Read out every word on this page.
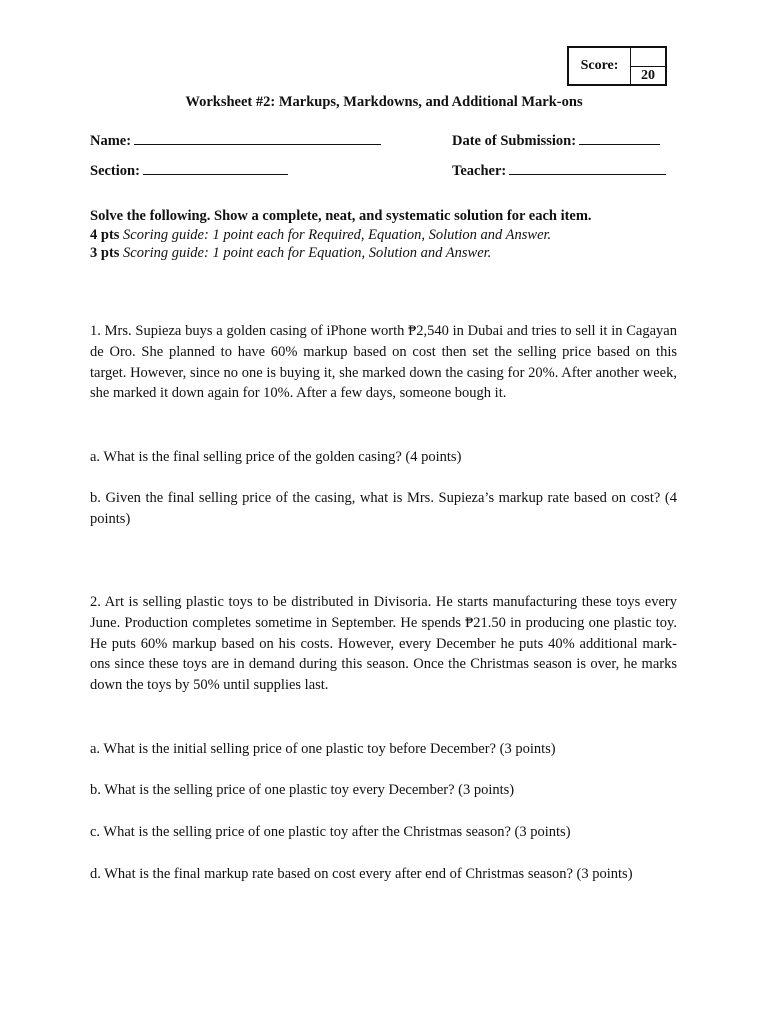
Score:
20
Worksheet #2: Markups, Markdowns, and Additional Mark-ons
Name:	Date of Submission:
Section:	Teacher:
Solve the following. Show a complete, neat, and systematic solution for each item.
4 pts Scoring guide: 1 point each for Required, Equation, Solution and Answer.
3 pts Scoring guide: 1 point each for Equation, Solution and Answer.
1. Mrs. Supieza buys a golden casing of iPhone worth ₱2,540 in Dubai and tries to sell it in Cagayan de Oro. She planned to have 60% markup based on cost then set the selling price based on this target. However, since no one is buying it, she marked down the casing for 20%. After another week, she marked it down again for 10%. After a few days, someone bough it.
a. What is the final selling price of the golden casing? (4 points)
b. Given the final selling price of the casing, what is Mrs. Supieza’s markup rate based on cost? (4 points)
2. Art is selling plastic toys to be distributed in Divisoria. He starts manufacturing these toys every June. Production completes sometime in September. He spends ₱21.50 in producing one plastic toy. He puts 60% markup based on his costs. However, every December he puts 40% additional mark-ons since these toys are in demand during this season. Once the Christmas season is over, he marks down the toys by 50% until supplies last.
a. What is the initial selling price of one plastic toy before December? (3 points)
b. What is the selling price of one plastic toy every December? (3 points)
c. What is the selling price of one plastic toy after the Christmas season? (3 points)
d. What is the final markup rate based on cost every after end of Christmas season? (3 points)
